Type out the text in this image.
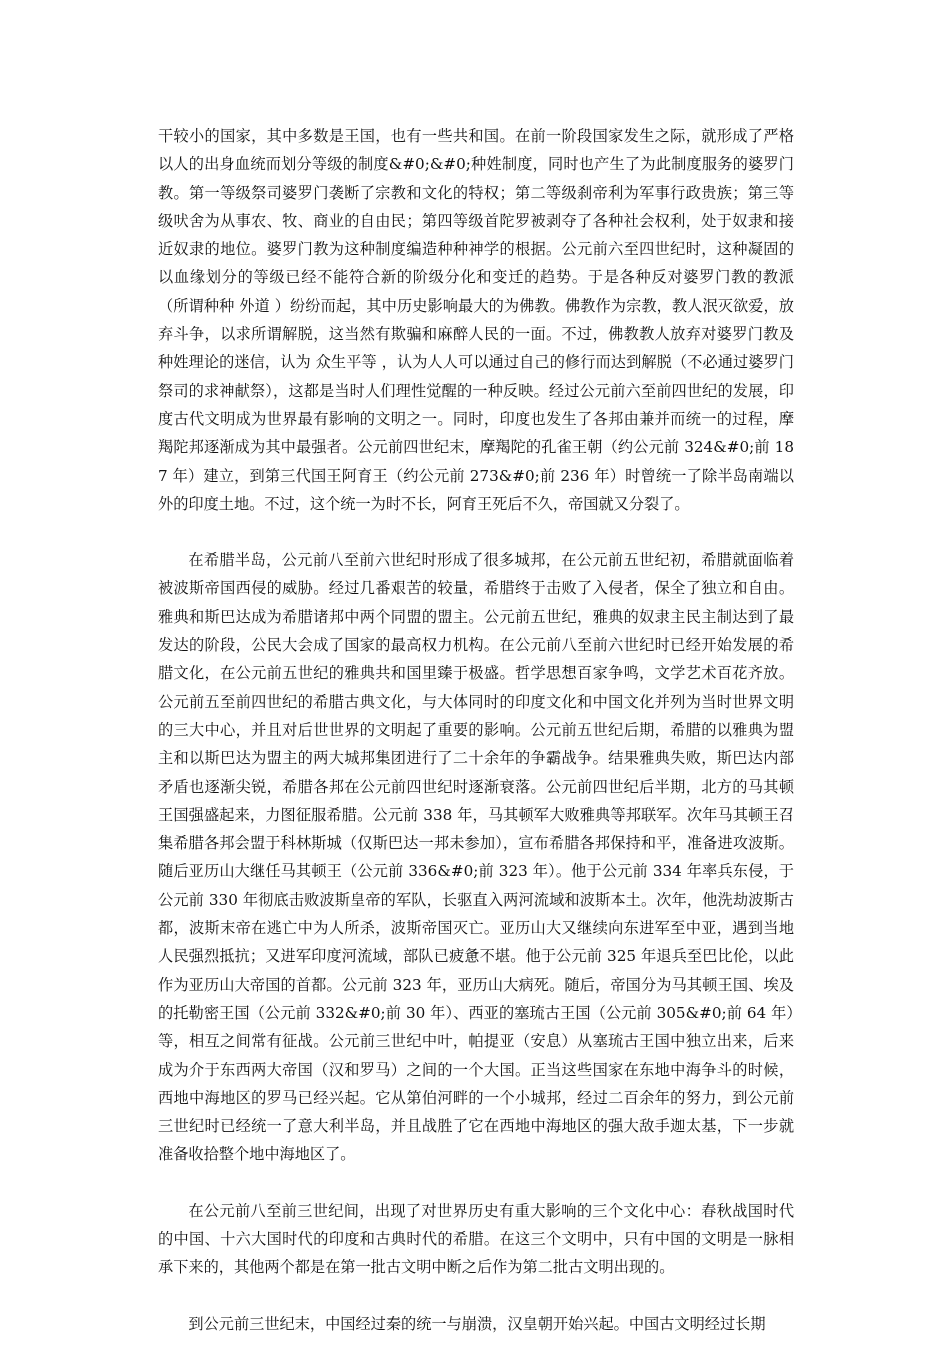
干较小的国家，其中多数是王国，也有一些共和国。在前一阶段国家发生之际，就形成了严格以人的出身血统而划分等级的制度&#0;&#0;种姓制度，同时也产生了为此制度服务的婆罗门教。第一等级祭司婆罗门袭断了宗教和文化的特权；第二等级刹帝利为军事行政贵族；第三等级吠舍为从事农、牧、商业的自由民；第四等级首陀罗被剥夺了各种社会权利，处于奴隶和接近奴隶的地位。婆罗门教为这种制度编造种种神学的根据。公元前六至四世纪时，这种凝固的以血缘划分的等级已经不能符合新的阶级分化和变迁的趋势。于是各种反对婆罗门教的教派（所谓种种 外道 ）纷纷而起，其中历史影响最大的为佛教。佛教作为宗教，教人泯灭欲爱，放弃斗争，以求所谓解脱，这当然有欺骗和麻醉人民的一面。不过，佛教教人放弃对婆罗门教及种姓理论的迷信，认为 众生平等 ，认为人人可以通过自己的修行而达到解脱（不必通过婆罗门祭司的求神献祭），这都是当时人们理性觉醒的一种反映。经过公元前六至前四世纪的发展，印度古代文明成为世界最有影响的文明之一。同时，印度也发生了各邦由兼并而统一的过程，摩羯陀邦逐渐成为其中最强者。公元前四世纪末，摩羯陀的孔雀王朝（约公元前 324&#0;前 187 年）建立，到第三代国王阿育王（约公元前 273&#0;前 236 年）时曾统一了除半岛南端以外的印度土地。不过，这个统一为时不长，阿育王死后不久，帝国就又分裂了。

在希腊半岛，公元前八至前六世纪时形成了很多城邦，在公元前五世纪初，希腊就面临着被波斯帝国西侵的威胁。经过几番艰苦的较量，希腊终于击败了入侵者，保全了独立和自由。雅典和斯巴达成为希腊诸邦中两个同盟的盟主。公元前五世纪，雅典的奴隶主民主制达到了最发达的阶段，公民大会成了国家的最高权力机构。在公元前八至前六世纪时已经开始发展的希腊文化，在公元前五世纪的雅典共和国里臻于极盛。哲学思想百家争鸣，文学艺术百花齐放。公元前五至前四世纪的希腊古典文化，与大体同时的印度文化和中国文化并列为当时世界文明的三大中心，并且对后世世界的文明起了重要的影响。公元前五世纪后期，希腊的以雅典为盟主和以斯巴达为盟主的两大城邦集团进行了二十余年的争霸战争。结果雅典失败，斯巴达内部矛盾也逐渐尖锐，希腊各邦在公元前四世纪时逐渐衰落。公元前四世纪后半期，北方的马其顿王国强盛起来，力图征服希腊。公元前 338 年，马其顿军大败雅典等邦联军。次年马其顿王召集希腊各邦会盟于科林斯城（仅斯巴达一邦未参加），宣布希腊各邦保持和平，准备进攻波斯。随后亚历山大继任马其顿王（公元前 336&#0;前 323 年）。他于公元前 334 年率兵东侵，于公元前 330 年彻底击败波斯皇帝的军队，长驱直入两河流域和波斯本土。次年，他洗劫波斯古都，波斯末帝在逃亡中为人所杀，波斯帝国灭亡。亚历山大又继续向东进军至中亚，遇到当地人民强烈抵抗；又进军印度河流域，部队已疲惫不堪。他于公元前 325 年退兵至巴比伦，以此作为亚历山大帝国的首都。公元前 323 年，亚历山大病死。随后，帝国分为马其顿王国、埃及的托勒密王国（公元前 332&#0;前 30 年）、西亚的塞琉古王国（公元前 305&#0;前 64 年）等，相互之间常有征战。公元前三世纪中叶，帕提亚（安息）从塞琉古王国中独立出来，后来成为介于东西两大帝国（汉和罗马）之间的一个大国。正当这些国家在东地中海争斗的时候，西地中海地区的罗马已经兴起。它从第伯河畔的一个小城邦，经过二百余年的努力，到公元前三世纪时已经统一了意大利半岛，并且战胜了它在西地中海地区的强大敌手迦太基，下一步就准备收拾整个地中海地区了。

在公元前八至前三世纪间，出现了对世界历史有重大影响的三个文化中心：春秋战国时代的中国、十六大国时代的印度和古典时代的希腊。在这三个文明中，只有中国的文明是一脉相承下来的，其他两个都是在第一批古文明中断之后作为第二批古文明出现的。

到公元前三世纪末，中国经过秦的统一与崩溃，汉皇朝开始兴起。中国古文明经过长期
